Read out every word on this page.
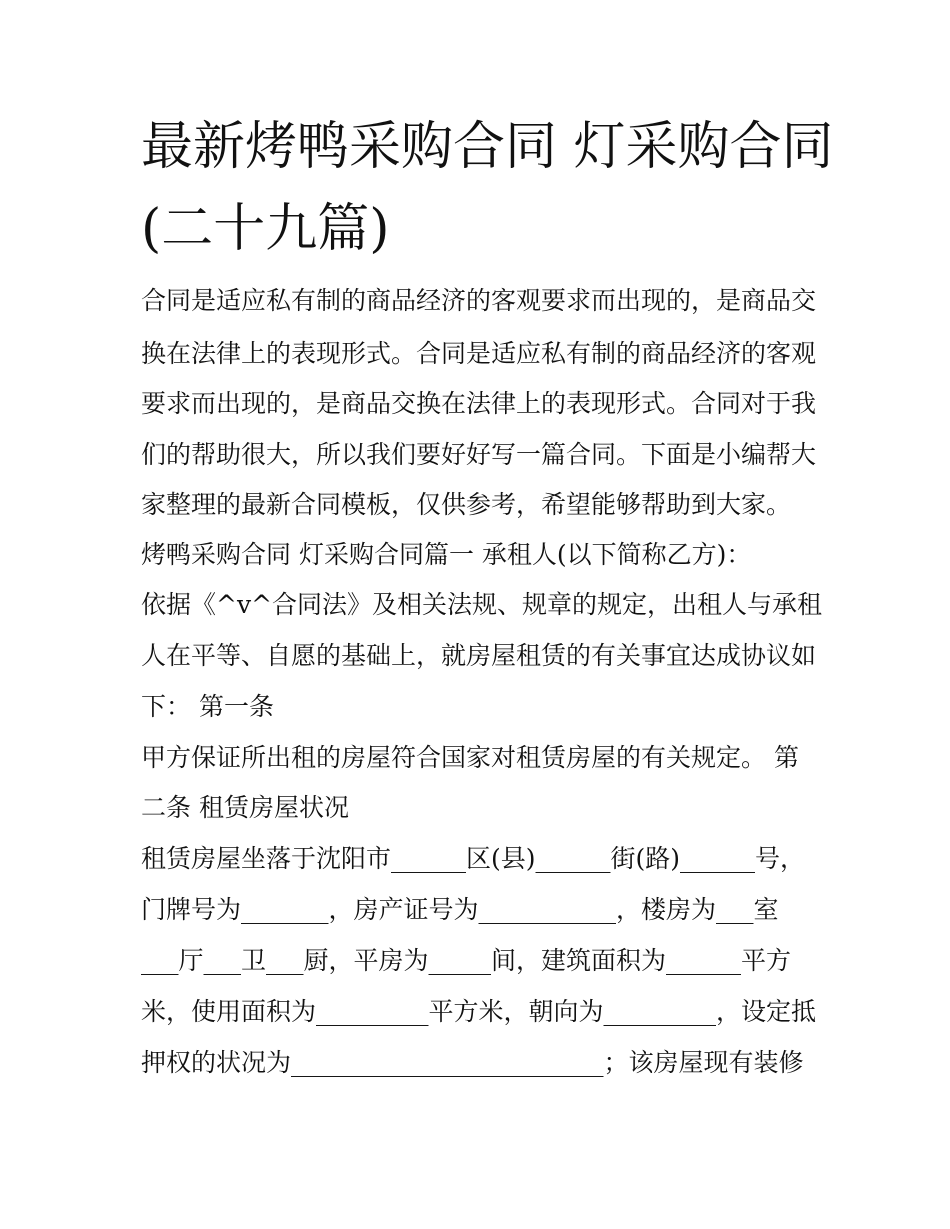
最新烤鸭采购合同 灯采购合同
(二十九篇)
合同是适应私有制的商品经济的客观要求而出现的，是商品交
换在法律上的表现形式。合同是适应私有制的商品经济的客观
要求而出现的，是商品交换在法律上的表现形式。合同对于我
们的帮助很大，所以我们要好好写一篇合同。下面是小编帮大
家整理的最新合同模板，仅供参考，希望能够帮助到大家。
烤鸭采购合同 灯采购合同篇一 承租人(以下简称乙方)：
依据《^v^合同法》及相关法规、规章的规定，出租人与承租
人在平等、自愿的基础上，就房屋租赁的有关事宜达成协议如
下： 第一条
甲方保证所出租的房屋符合国家对租赁房屋的有关规定。 第
二条 租赁房屋状况
租赁房屋坐落于沈阳市______区(县)______街(路)______号，
门牌号为_______，房产证号为___________，楼房为___室
___厅___卫___厨，平房为_____间，建筑面积为______平方
米，使用面积为_________平方米，朝向为_________，设定抵
押权的状况为_________________________；该房屋现有装修
